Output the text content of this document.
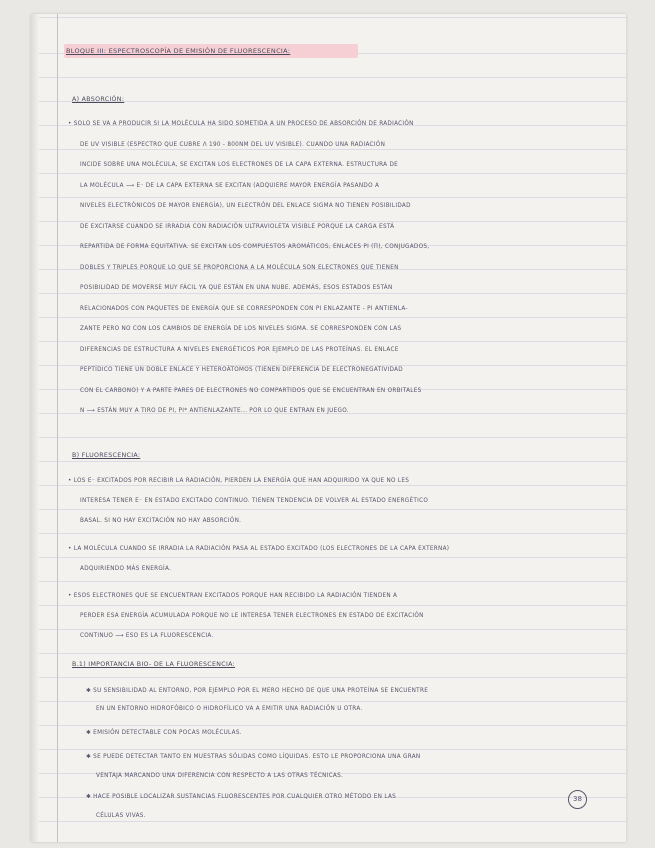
BLOQUE III: ESPECTROSCOPÍA DE EMISIÓN DE FLUORESCENCIA:
A) ABSORCIÓN:
• SOLO SE VA A PRODUCIR SI LA MOLÉCULA HA SIDO SOMETIDA A UN PROCESO DE ABSORCIÓN DE RADIACIÓN
DE UV VISIBLE (ESPECTRO QUE CUBRE Λ 190 - 800NM DEL UV VISIBLE). CUANDO UNA RADIACIÓN
INCIDE SOBRE UNA MOLÉCULA, SE EXCITAN LOS ELECTRONES DE LA CAPA EXTERNA. ESTRUCTURA DE
LA MOLÉCULA ⟶ E⁻ DE LA CAPA EXTERNA SE EXCITAN (ADQUIERE MAYOR ENERGÍA PASANDO A
NIVELES ELECTRÓNICOS DE MAYOR ENERGÍA), UN ELECTRÓN DEL ENLACE SIGMA NO TIENEN POSIBILIDAD
DE EXCITARSE CUANDO SE IRRADIA CON RADIACIÓN ULTRAVIOLETA VISIBLE PORQUE LA CARGA ESTÁ
REPARTIDA DE FORMA EQUITATIVA. SE EXCITAN LOS COMPUESTOS AROMÁTICOS, ENLACES PI (Π), CONJUGADOS,
DOBLES Y TRIPLES PORQUE LO QUE SE PROPORCIONA A LA MOLÉCULA SON ELECTRONES QUE TIENEN
POSIBILIDAD DE MOVERSE MUY FÁCIL YA QUE ESTÁN EN UNA NUBE. ADEMÁS, ESOS ESTADOS ESTÁN
RELACIONADOS CON PAQUETES DE ENERGÍA QUE SE CORRESPONDEN CON PI ENLAZANTE - PI ANTIENLA-
ZANTE PERO NO CON LOS CAMBIOS DE ENERGÍA DE LOS NIVELES SIGMA. SE CORRESPONDEN CON LAS
DIFERENCIAS DE ESTRUCTURA A NIVELES ENERGÉTICOS POR EJEMPLO DE LAS PROTEÍNAS. EL ENLACE
PEPTÍDICO TIENE UN DOBLE ENLACE Y HETEROÁTOMOS (TIENEN DIFERENCIA DE ELECTRONEGATIVIDAD
CON EL CARBONO) Y A PARTE PARES DE ELECTRONES NO COMPARTIDOS QUE SE ENCUENTRAN EN ORBITALES
N ⟶ ESTÁN MUY A TIRO DE PI, PI* ANTIENLAZANTE... POR LO QUE ENTRAN EN JUEGO.
B) FLUORESCENCIA:
• LOS E⁻ EXCITADOS POR RECIBIR LA RADIACIÓN, PIERDEN LA ENERGÍA QUE HAN ADQUIRIDO YA QUE NO LES
INTERESA TENER E⁻ EN ESTADO EXCITADO CONTINUO. TIENEN TENDENCIA DE VOLVER AL ESTADO ENERGÉTICO
BASAL. SI NO HAY EXCITACIÓN NO HAY ABSORCIÓN.
• LA MOLÉCULA CUANDO SE IRRADIA LA RADIACIÓN PASA AL ESTADO EXCITADO (LOS ELECTRONES DE LA CAPA EXTERNA)
ADQUIRIENDO MÁS ENERGÍA.
• ESOS ELECTRONES QUE SE ENCUENTRAN EXCITADOS PORQUE HAN RECIBIDO LA RADIACIÓN TIENDEN A
PERDER ESA ENERGÍA ACUMULADA PORQUE NO LE INTERESA TENER ELECTRONES EN ESTADO DE EXCITACIÓN
CONTINUO ⟶ ESO ES LA FLUORESCENCIA.
B.1) IMPORTANCIA BIO- DE LA FLUORESCENCIA:
✱ SU SENSIBILIDAD AL ENTORNO, POR EJEMPLO POR EL MERO HECHO DE QUE UNA PROTEÍNA SE ENCUENTRE
EN UN ENTORNO HIDROFÓBICO O HIDROFÍLICO VA A EMITIR UNA RADIACIÓN U OTRA.
✱ EMISIÓN DETECTABLE CON POCAS MOLÉCULAS.
✱ SE PUEDE DETECTAR TANTO EN MUESTRAS SÓLIDAS COMO LÍQUIDAS. ESTO LE PROPORCIONA UNA GRAN
VENTAJA MARCANDO UNA DIFERENCIA CON RESPECTO A LAS OTRAS TÉCNICAS.
✱ HACE POSIBLE LOCALIZAR SUSTANCIAS FLUORESCENTES POR CUALQUIER OTRO MÉTODO EN LAS
CÉLULAS VIVAS.
38
